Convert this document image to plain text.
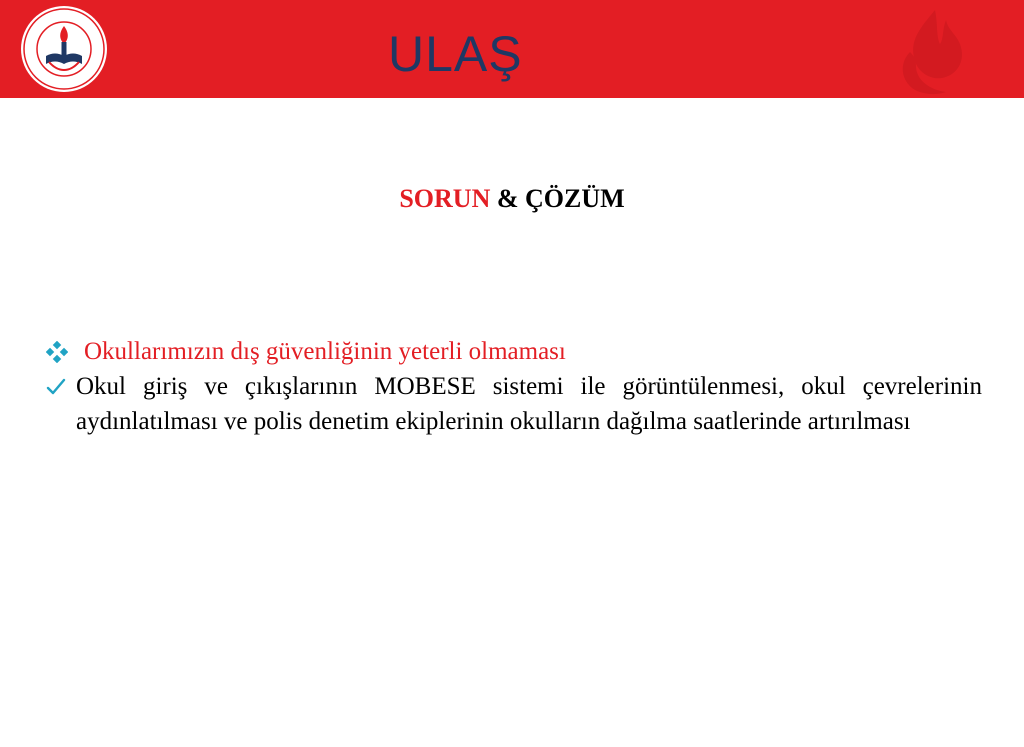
ULAŞ

SORUN & ÇÖZÜM

Okullarımızın dış güvenliğinin yeterli olmaması
Okul giriş ve çıkışlarının MOBESE sistemi ile görüntülenmesi, okul çevrelerinin aydınlatılması ve polis denetim ekiplerinin okulların dağılma saatlerinde artırılması
